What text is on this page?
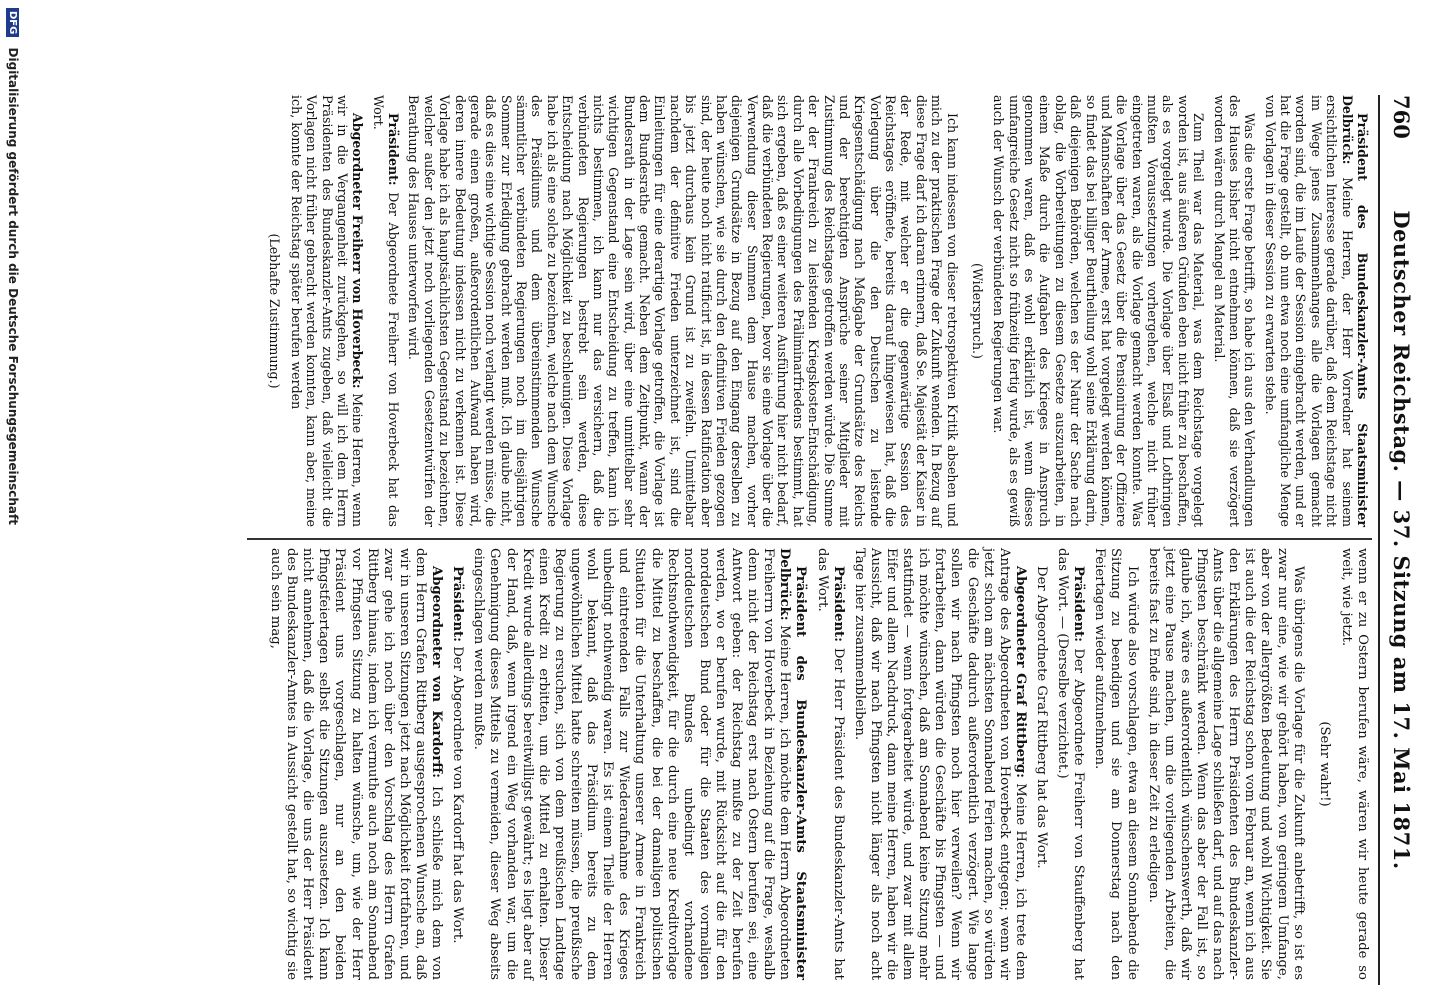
760
Deutscher Reichstag. — 37. Sitzung am 17. Mai 1871.

Präsident des Bundeskanzler-Amts Staatsminister Delbrück: Meine Herren, der Herr Vorredner hat seinem ersichtlichen Interesse gerade darüber, daß dem Reichstage nicht im Wege jenes Zusammenhanges alle die Vorlagen gemacht worden sind, die im Laufe der Session eingebracht werden, und er hat die Frage gestellt, ob nun etwa noch eine umfangliche Menge von Vorlagen in dieser Session zu erwarten stehe.

Was die erste Frage betrifft, so habe ich aus den Verhandlungen des Hauses bisher nicht entnehmen können, daß sie verzögert worden wären durch Mangel an Material.

Zum Theil war das Material, was dem Reichstage vorgelegt worden ist, aus äußeren Gründen eben nicht früher zu beschaffen, als es vorgelegt wurde. Die Vorlage über Elsaß und Lothringen mußten Voraussetzungen vorhergehen, welche nicht früher eingetreten waren, als die Vorlage gemacht werden konnte. Was die Vorlage über das Gesetz über die Pensionirung der Offiziere und Mannschaften der Armee, erst hat vorgelegt werden können, so findet das bei billiger Beurtheilung wohl seine Erklärung darin, daß diejenigen Behörden, welchen es der Natur der Sache nach oblag, die Vorbereitungen zu diesem Gesetze auszuarbeiten, in einem Maße durch die Aufgaben des Krieges in Anspruch genommen waren, daß es wohl erklärlich ist, wenn dieses umfangreiche Gesetz nicht so frühzeitig fertig wurde, als es gewiß auch der Wunsch der verbündeten Regierungen war.

(Widerspruch.)

Ich kann indessen von dieser retrospektiven Kritik absehen und mich zu der praktischen Frage der Zukunft wenden. In Bezug auf diese Frage darf ich daran erinnern, daß Se. Majestät der Kaiser in der Rede, mit welcher er die gegenwärtige Session des Reichstages eröffnete, bereits darauf hingewiesen hat, daß die Vorlegung über die den Deutschen zu leistende Kriegsentschädigung nach Maßgabe der Grundsätze des Reichs und der berechtigten Ansprüche seiner Mitglieder mit Zustimmung des Reichstages getroffen werden würde. Die Summe der der Frankreich zu leistenden Kriegskosten-Entschädigung, durch alle Vorbedingungen des Präliminarfriedens bestimmt, hat sich ergeben, daß es einer weiteren Ausführung hier nicht bedarf, daß die verbündeten Regierungen, bevor sie eine Vorlage über die Verwendung dieser Summen dem Hause machen, vorher diejenigen Grundsätze in Bezug auf den Eingang derselben zu haben wünschen, wie sie durch den definitiven Frieden gezogen sind, der heute noch nicht ratificirt ist, in dessen Ratification aber bis jetzt durchaus kein Grund ist zu zweifeln. Unmittelbar nachdem der definitive Frieden unterzeichnet ist, sind die Einleitungen für eine derartige Vorlage getroffen, die Vorlage ist dem Bundesrathe gemacht. Neben dem Zeitpunkt, wann der Bundesrath in der Lage sein wird, über eine unmittelbar sehr wichtigen Gegenstand eine Entscheidung zu treffen, kann ich nichts bestimmen, ich kann nur das versichern, daß die verbündeten Regierungen bestrebt sein werden, diese Entscheidung nach Möglichkeit zu beschleunigen. Diese Vorlage habe ich als eine solche zu bezeichnen, welche nach dem Wunsche des Präsidiums und dem übereinstimmenden Wunsche sämmtlicher verbündeten Regierungen noch im diesjährigen Sommer zur Erledigung gebracht werden muß. Ich glaube nicht, daß es dies eine wichtige Session noch verlangt werden müsse, die gerade einen großen, außerordentlichen Aufwand haben wird, deren innere Bedeutung indessen nicht zu verkennen ist. Diese Vorlage habe ich als hauptsächlichsten Gegenstand zu bezeichnen, welcher außer den jetzt noch vorliegenden Gesetzentwürfen der Berathung des Hauses unterworfen wird.

Präsident: Der Abgeordnete Freiherr von Hoverbeck hat das Wort.

Abgeordneter Freiherr von Hoverbeck: Meine Herren, wenn wir in die Vergangenheit zurückgehen, so will ich dem Herrn Präsidenten des Bundeskanzler-Amts zugeben, daß vielleicht die Vorlagen nicht früher gebracht werden konnten, kann aber, meine ich, konnte der Reichstag später berufen werden

(Lebhafte Zustimmung.)

wenn er zu Ostern berufen wäre, wären wir heute gerade so weit, wie jetzt.

(Sehr wahr!)

Was übrigens die Vorlage für die Zukunft anbetrifft, so ist es zwar nur eine, wie wir gehört haben, von geringem Umfange, aber von der allergrößten Bedeutung und wohl Wichtigkeit. Sie ist auch die der Reichstag schon vom Februar an, wenn ich aus den Erklärungen des Herrn Präsidenten des Bundeskanzler-Amts über die allgemeine Lage schließen darf, und auf das nach Pfingsten beschränkt werden. Wenn das aber der Fall ist, so glaube ich, wäre es außerordentlich wünschenswerth, daß wir jetzt eine Pause machen, um die vorliegenden Arbeiten, die bereits fast zu Ende sind, in dieser Zeit zu erledigen.

Ich würde also vorschlagen, etwa an diesem Sonnabende die Sitzung zu beendigen und sie am Donnerstag nach den Feiertagen wieder aufzunehmen.

Präsident: Der Abgeordnete Freiherr von Stauffenberg hat das Wort. — (Derselbe verzichtet.)

Der Abgeordnete Graf Rittberg hat das Wort.

Abgeordneter Graf Rittberg: Meine Herren, ich trete dem Antrage des Abgeordneten von Hoverbeck entgegen; wenn wir jetzt schon am nächsten Sonnabend Ferien machen, so würden die Geschäfte dadurch außerordentlich verzögert. Wie lange sollen wir nach Pfingsten noch hier verweilen? Wenn wir fortarbeiten, dann würden die Geschäfte bis Pfingsten — und ich möchte wünschen, daß am Sonnabend keine Sitzung mehr stattfindet — wenn fortgearbeitet würde, und zwar mit allem Eifer und allem Nachdruck, dann meine Herren, haben wir die Aussicht, daß wir nach Pfingsten nicht länger als noch acht Tage hier zusammenbleiben.

Präsident: Der Herr Präsident des Bundeskanzler-Amts hat das Wort.

Präsident des Bundeskanzler-Amts Staatsminister Delbrück: Meine Herren, ich möchte dem Herrn Abgeordneten Freiherrn von Hoverbeck in Beziehung auf die Frage, weshalb denn nicht der Reichstag erst nach Ostern berufen sei, eine Antwort geben: der Reichstag mußte zu der Zeit berufen werden, wo er berufen wurde, mit Rücksicht auf die für den norddeutschen Bund oder für die Staaten des vormaligen norddeutschen Bundes unbedingt vorhandene Rechtsnothwendigkeit, für die durch eine neue Kreditvorlage die Mittel zu beschaffen, die bei der damaligen politischen Situation für die Unterhaltung unserer Armee in Frankreich und eintretenden Falls zur Wiederaufnahme des Krieges unbedingt nothwendig waren. Es ist einem Theile der Herren wohl bekannt, daß das Präsidium bereits zu dem ungewöhnlichen Mittel hatte schreiten müssen, die preußische Regierung zu ersuchen, sich von dem preußischen Landtage einen Kredit zu erbitten, um die Mittel zu erhalten. Dieser Kredit wurde allerdings bereitwilligst gewährt; es liegt aber auf der Hand, daß, wenn irgend ein Weg vorhanden war, um die Genehmigung dieses Mittels zu vermeiden, dieser Weg abseits eingeschlagen werden mußte.

Präsident: Der Abgeordnete von Kardorff hat das Wort.

Abgeordneter von Kardorff: Ich schließe mich dem von dem Herrn Grafen Rittberg ausgesprochenen Wunsche an, daß wir in unseren Sitzungen jetzt nach Möglichkeit fortfahren, und zwar gehe ich noch über den Vorschlag des Herrn Grafen Rittberg hinaus, indem ich vermuthe auch noch am Sonnabend vor Pfingsten Sitzung zu halten wünsche, um, wie der Herr Präsident uns vorgeschlagen, nur an den beiden Pfingstfeiertagen selbst die Sitzungen auszusetzen. Ich kann nicht annehmen, daß die Vorlage, die uns der Herr Präsident des Bundeskanzler-Amtes in Aussicht gestellt hat, so wichtig sie auch sein mag,

DFG Digitalisierung gefördert durch die Deutsche Forschungsgemeinschaft
